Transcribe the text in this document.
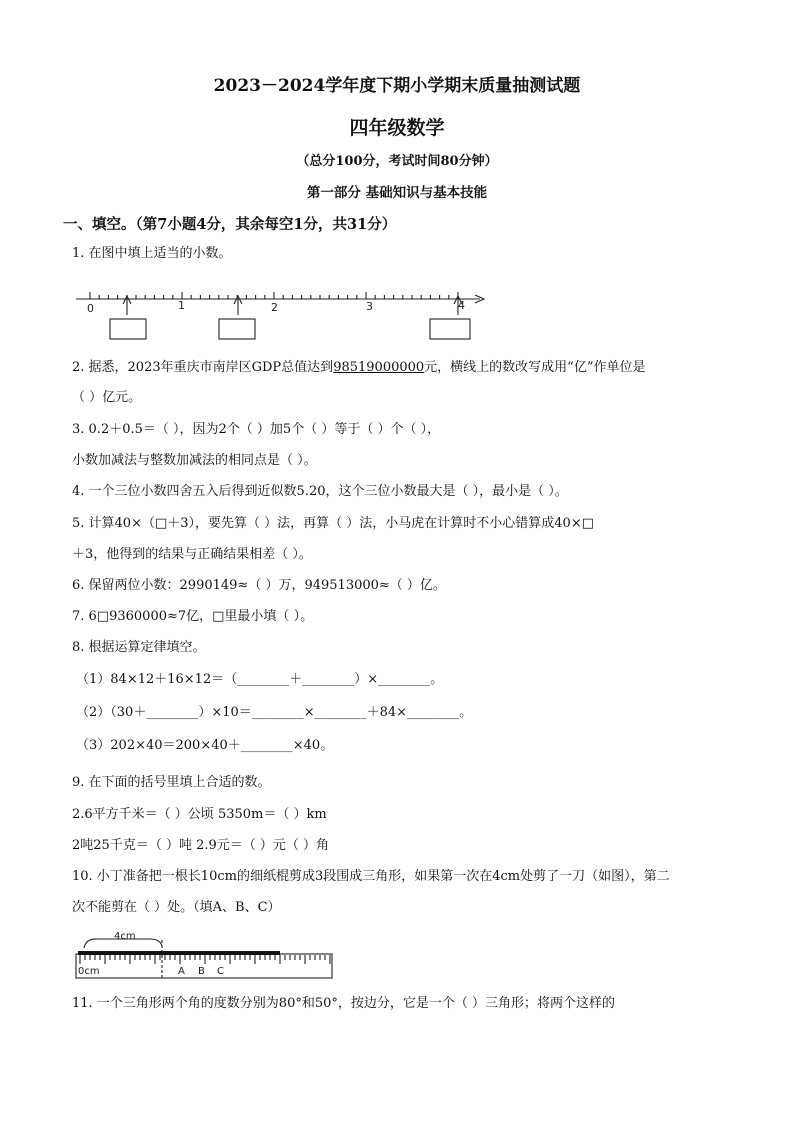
2023－2024学年度下期小学期末质量抽测试题
四年级数学
（总分100分，考试时间80分钟）
第一部分 基础知识与基本技能
一、填空。（第7小题4分，其余每空1分，共31分）
1. 在图中填上适当的小数。
0	1	2	3	4
2. 据悉，2023年重庆市南岸区GDP总值达到98519000000元，横线上的数改写成用“亿”作单位是
（ ）亿元。
3. 0.2＋0.5＝（ ），因为2个（ ）加5个（ ）等于（ ）个（ ），
小数加减法与整数加减法的相同点是（ ）。
4. 一个三位小数四舍五入后得到近似数5.20，这个三位小数最大是（ ），最小是（ ）。
5. 计算40×（□＋3），要先算（ ）法，再算（ ）法，小马虎在计算时不小心错算成40×□
＋3，他得到的结果与正确结果相差（ ）。
6. 保留两位小数：2990149≈（ ）万，949513000≈（ ）亿。
7. 6□9360000≈7亿，□里最小填（ ）。
8. 根据运算定律填空。
（1）84×12＋16×12＝（________＋________）×________。
（2）（30＋________）×10＝________×________＋84×________。
（3）202×40＝200×40＋________×40。
9. 在下面的括号里填上合适的数。
2.6平方千米＝（ ）公顷 5350m＝（ ）km
2吨25千克＝（ ）吨 2.9元＝（ ）元（ ）角
10. 小丁准备把一根长10cm的细纸棍剪成3段围成三角形，如果第一次在4cm处剪了一刀（如图），第二
次不能剪在（ ）处。（填A、B、C）
4cm
0cm	A B C
11. 一个三角形两个角的度数分别为80°和50°，按边分，它是一个（ ）三角形；将两个这样的
